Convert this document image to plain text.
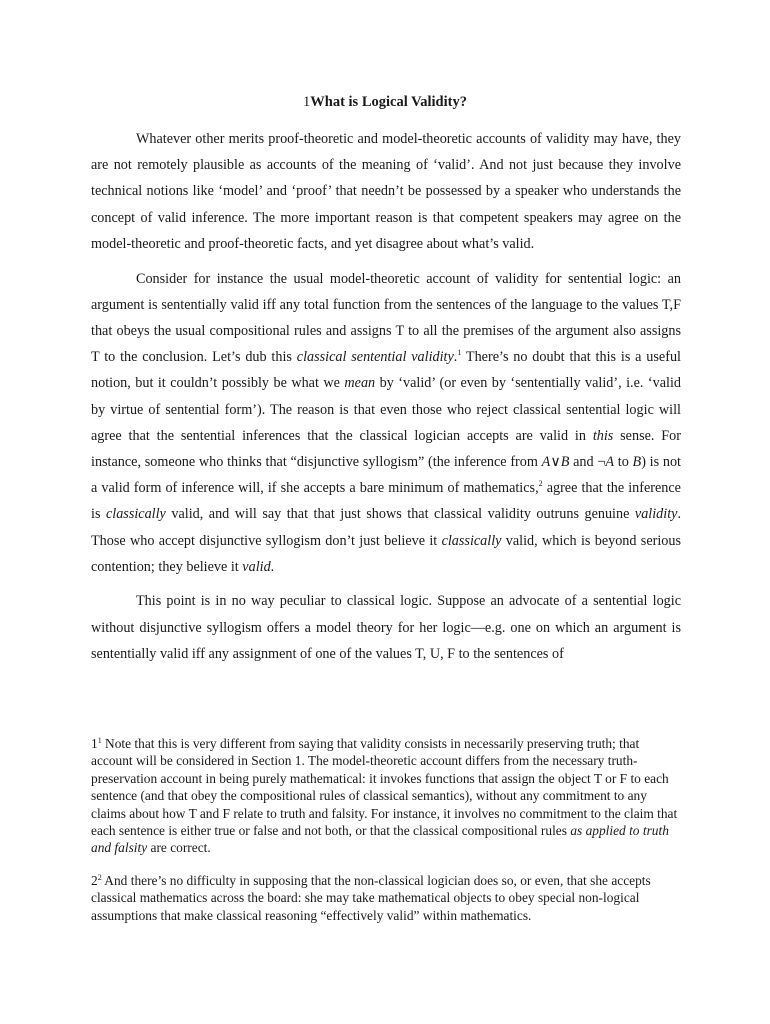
1What is Logical Validity?

Whatever other merits proof-theoretic and model-theoretic accounts of validity may have, they are not remotely plausible as accounts of the meaning of ‘valid’. And not just because they involve technical notions like ‘model’ and ‘proof’ that needn’t be possessed by a speaker who understands the concept of valid inference. The more important reason is that competent speakers may agree on the model-theoretic and proof-theoretic facts, and yet disagree about what’s valid.

Consider for instance the usual model-theoretic account of validity for sentential logic: an argument is sententially valid iff any total function from the sentences of the language to the values T,F that obeys the usual compositional rules and assigns T to all the premises of the argument also assigns T to the conclusion. Let’s dub this classical sentential validity.$^1$ There’s no doubt that this is a useful notion, but it couldn’t possibly be what we mean by ‘valid’ (or even by ‘sententially valid’, i.e. ‘valid by virtue of sentential form’). The reason is that even those who reject classical sentential logic will agree that the sentential inferences that the classical logician accepts are valid in this sense. For instance, someone who thinks that “disjunctive syllogism” (the inference from A∨B and ¬A to B) is not a valid form of inference will, if she accepts a bare minimum of mathematics,$^2$ agree that the inference is classically valid, and will say that that just shows that classical validity outruns genuine validity. Those who accept disjunctive syllogism don’t just believe it classically valid, which is beyond serious contention; they believe it valid.

This point is in no way peculiar to classical logic. Suppose an advocate of a sentential logic without disjunctive syllogism offers a model theory for her logic—e.g. one on which an argument is sententially valid iff any assignment of one of the values T, U, F to the sentences of

$1^1$ Note that this is very different from saying that validity consists in necessarily preserving truth; that account will be considered in Section 1. The model-theoretic account differs from the necessary truth-preservation account in being purely mathematical: it invokes functions that assign the object T or F to each sentence (and that obey the compositional rules of classical semantics), without any commitment to any claims about how T and F relate to truth and falsity. For instance, it involves no commitment to the claim that each sentence is either true or false and not both, or that the classical compositional rules as applied to truth and falsity are correct.

$2^2$ And there’s no difficulty in supposing that the non-classical logician does so, or even, that she accepts classical mathematics across the board: she may take mathematical objects to obey special non-logical assumptions that make classical reasoning “effectively valid” within mathematics.
